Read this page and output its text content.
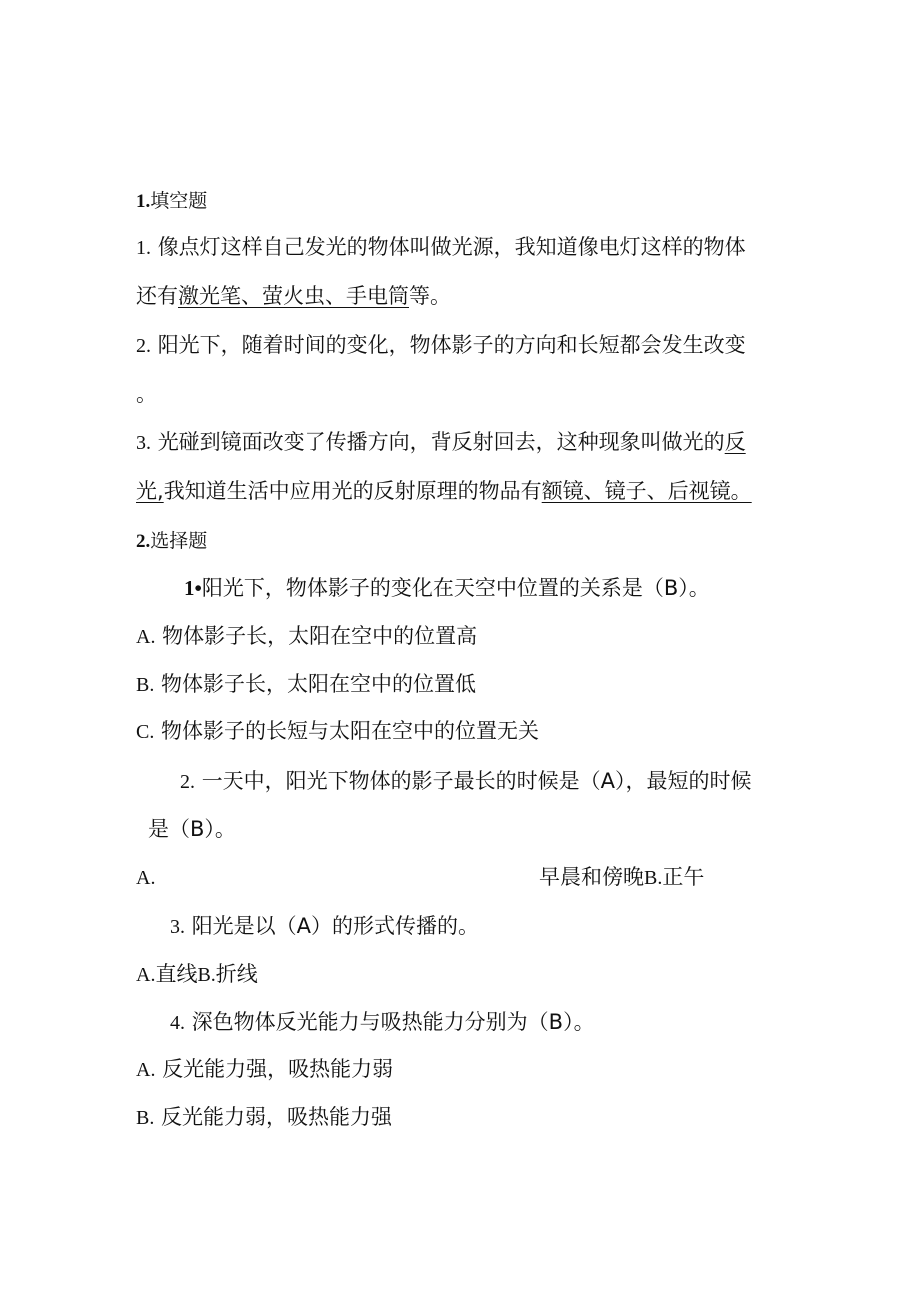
1.填空题
1. 像点灯这样自己发光的物体叫做光源，我知道像电灯这样的物体
还有激光笔、萤火虫、手电筒等。
2. 阳光下，随着时间的变化，物体影子的方向和长短都会发生改变
。
3. 光碰到镜面改变了传播方向，背反射回去，这种现象叫做光的反
光,我知道生活中应用光的反射原理的物品有额镜、镜子、后视镜。
2.选择题
1•阳光下，物体影子的变化在天空中位置的关系是（B）。
A. 物体影子长，太阳在空中的位置高
B. 物体影子长，太阳在空中的位置低
C. 物体影子的长短与太阳在空中的位置无关
2. 一天中，阳光下物体的影子最长的时候是（A），最短的时候
是（B）。
A.	早晨和傍晚B.正午
3. 阳光是以（A）的形式传播的。
A.直线B.折线
4. 深色物体反光能力与吸热能力分别为（B）。
A. 反光能力强，吸热能力弱
B. 反光能力弱，吸热能力强
